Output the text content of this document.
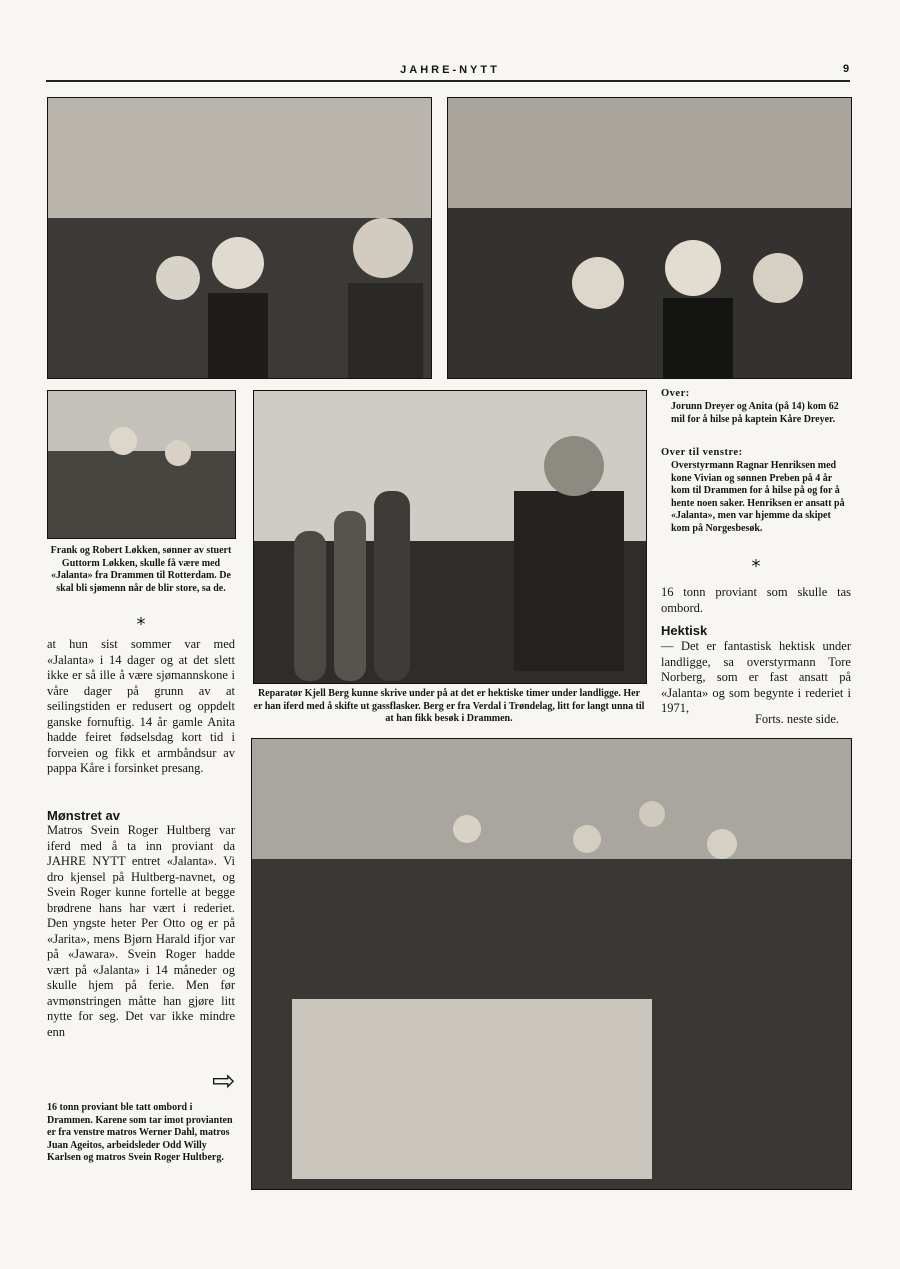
JAHRE-NYTT	9
Frank og Robert Løkken, sønner av stuert Guttorm Løkken, skulle få være med «Jalanta» fra Drammen til Rotterdam. De skal bli sjømenn når de blir store, sa de.
*
Reparatør Kjell Berg kunne skrive under på at det er hektiske timer under landligge. Her er han iferd med å skifte ut gassflasker. Berg er fra Verdal i Trøndelag, litt for langt unna til at han fikk besøk i Drammen.
Over:
Jorunn Dreyer og Anita (på 14) kom 62 mil for å hilse på kaptein Kåre Dreyer.
Over til venstre:
Overstyrmann Ragnar Henriksen med kone Vivian og sønnen Preben på 4 år kom til Drammen for å hilse på og for å hente noen saker. Henriksen er ansatt på «Jalanta», men var hjemme da skipet kom på Norgesbesøk.
*
16 tonn proviant som skulle tas ombord.
Hektisk
— Det er fantastisk hektisk under landligge, sa overstyrmann Tore Norberg, som er fast ansatt på «Jalanta» og som begynte i rederiet i 1971,
Forts. neste side.
at hun sist sommer var med «Jalanta» i 14 dager og at det slett ikke er så ille å være sjømannskone i våre dager på grunn av at seilingstiden er redusert og oppdelt ganske fornuftig. 14 år gamle Anita hadde feiret fødselsdag kort tid i forveien og fikk et armbåndsur av pappa Kåre i forsinket presang.
Mønstret av
Matros Svein Roger Hultberg var iferd med å ta inn proviant da JAHRE NYTT entret «Jalanta». Vi dro kjensel på Hultberg-navnet, og Svein Roger kunne fortelle at begge brødrene hans har vært i rederiet. Den yngste heter Per Otto og er på «Jarita», mens Bjørn Harald ifjor var på «Jawara». Svein Roger hadde vært på «Jalanta» i 14 måneder og skulle hjem på ferie. Men før avmønstringen måtte han gjøre litt nytte for seg. Det var ikke mindre enn
⇨
16 tonn proviant ble tatt ombord i Drammen. Karene som tar imot provianten er fra venstre matros Werner Dahl, matros Juan Ageitos, arbeidsleder Odd Willy Karlsen og matros Svein Roger Hultberg.
